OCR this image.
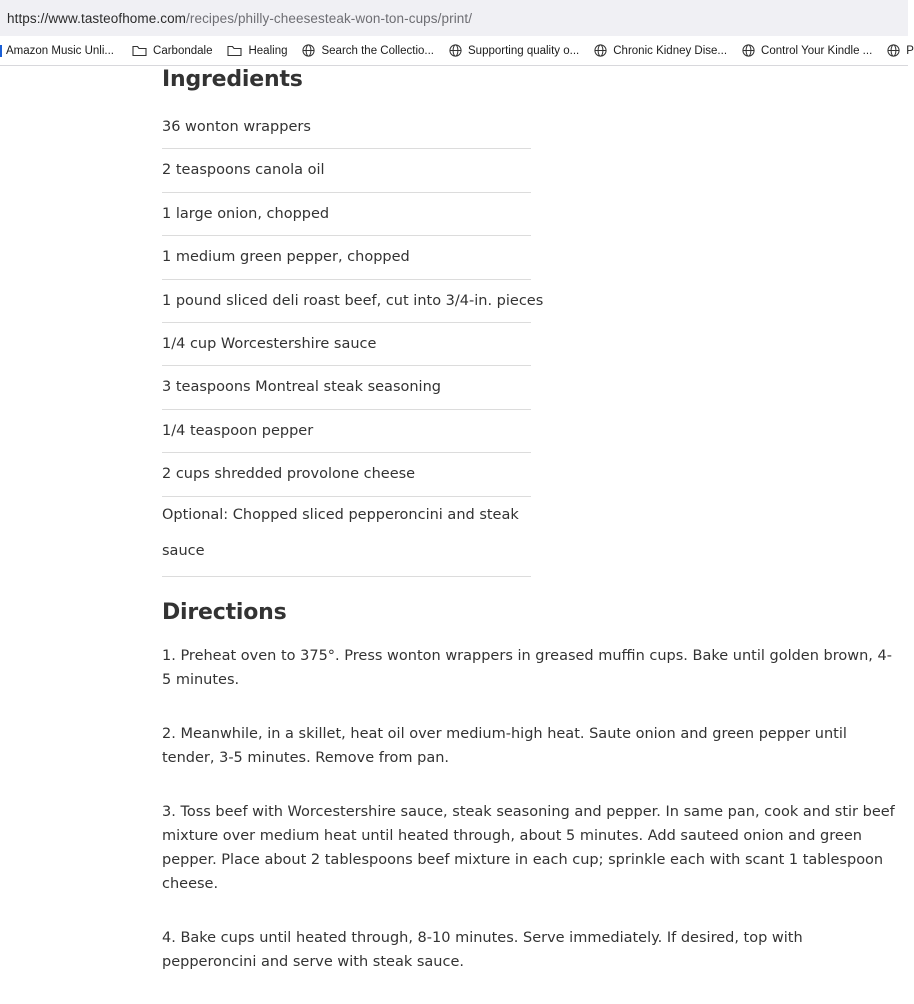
https://www.tasteofhome.com /recipes/philly-cheesesteak-won-ton-cups/print/
Amazon Music Unli...	Carbondale	Healing	Search the Collectio...	Supporting quality o...	Chronic Kidney Dise...	Control Your Kindle ...	P
Ingredients
36 wonton wrappers
2 teaspoons canola oil
1 large onion, chopped
1 medium green pepper, chopped
1 pound sliced deli roast beef, cut into 3/4-in. pieces
1/4 cup Worcestershire sauce
3 teaspoons Montreal steak seasoning
1/4 teaspoon pepper
2 cups shredded provolone cheese
Optional: Chopped sliced pepperoncini and steak sauce
Directions

1. Preheat oven to 375°. Press wonton wrappers in greased muffin cups. Bake until golden brown, 4-5 minutes.

2. Meanwhile, in a skillet, heat oil over medium-high heat. Saute onion and green pepper until tender, 3-5 minutes. Remove from pan.

3. Toss beef with Worcestershire sauce, steak seasoning and pepper. In same pan, cook and stir beef mixture over medium heat until heated through, about 5 minutes. Add sauteed onion and green pepper. Place about 2 tablespoons beef mixture in each cup; sprinkle each with scant 1 tablespoon cheese.

4. Bake cups until heated through, 8-10 minutes. Serve immediately. If desired, top with pepperoncini and serve with steak sauce.
